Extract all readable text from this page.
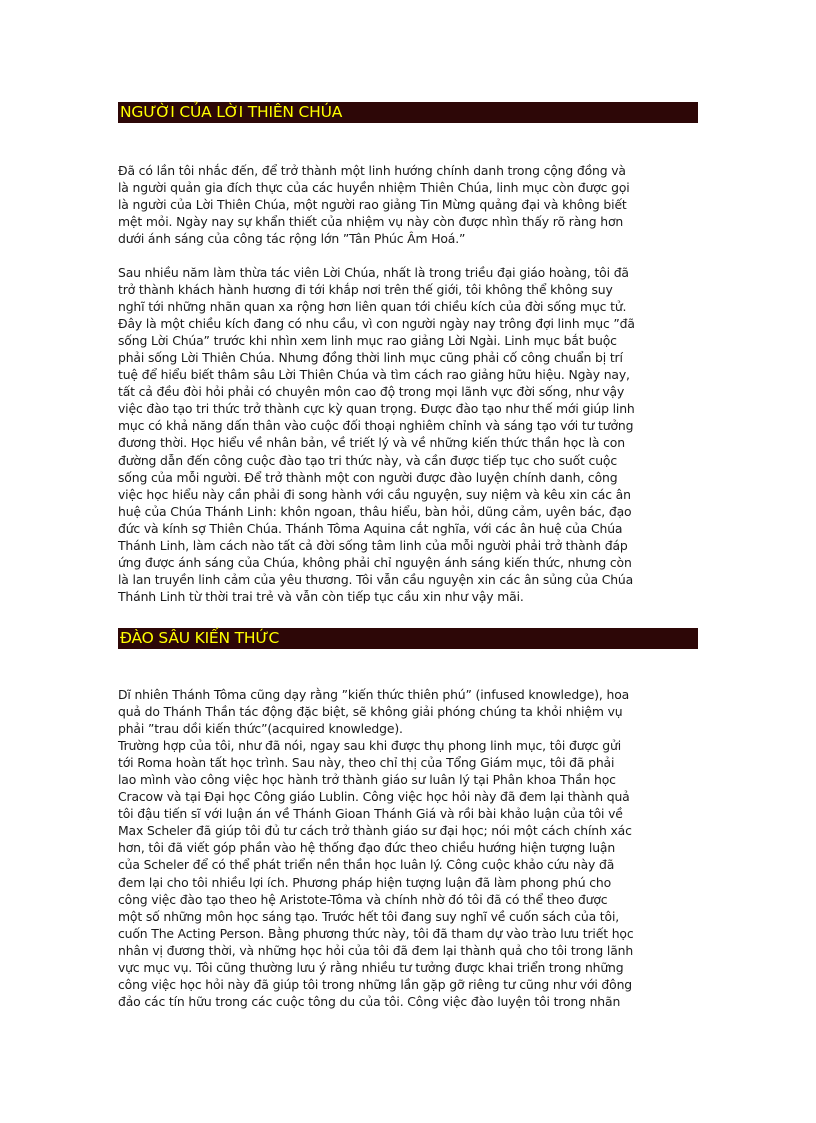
NGƯỜI CỦA LỜI THIÊN CHÚA

Đã có lần tôi nhắc đến, để trở thành một linh hướng chính danh trong cộng đồng và
là người quản gia đích thực của các huyền nhiệm Thiên Chúa, linh mục còn được gọi
là người của Lời Thiên Chúa, một người rao giảng Tin Mừng quảng đại và không biết
mệt mỏi. Ngày nay sự khẩn thiết của nhiệm vụ này còn được nhìn thấy rõ ràng hơn
dưới ánh sáng của công tác rộng lớn ”Tân Phúc Âm Hoá.”

Sau nhiều năm làm thừa tác viên Lời Chúa, nhất là trong triều đại giáo hoàng, tôi đã
trở thành khách hành hương đi tới khắp nơi trên thế giới, tôi không thể không suy
nghĩ tới những nhãn quan xa rộng hơn liên quan tới chiều kích của đời sống mục tử.
Đây là một chiều kích đang có nhu cầu, vì con người ngày nay trông đợi linh mục ”đã
sống Lời Chúa” trước khi nhìn xem linh mục rao giảng Lời Ngài. Linh mục bắt buộc
phải sống Lời Thiên Chúa. Nhưng đồng thời linh mục cũng phải cố công chuẩn bị trí
tuệ để hiểu biết thâm sâu Lời Thiên Chúa và tìm cách rao giảng hữu hiệu. Ngày nay,
tất cả đều đòi hỏi phải có chuyên môn cao độ trong mọi lãnh vực đời sống, như vậy
việc đào tạo tri thức trở thành cực kỳ quan trọng. Được đào tạo như thế mới giúp linh
mục có khả năng dấn thân vào cuộc đối thoại nghiêm chỉnh và sáng tạo với tư tưởng
đương thời. Học hiểu về nhân bản, về triết lý và về những kiến thức thần học là con
đường dẫn đến công cuộc đào tạo tri thức này, và cần được tiếp tục cho suốt cuộc
sống của mỗi người. Để trở thành một con người được đào luyện chính danh, công
việc học hiểu này cần phải đi song hành với cầu nguyện, suy niệm và kêu xin các ân
huệ của Chúa Thánh Linh: khôn ngoan, thâu hiểu, bàn hỏi, dũng cảm, uyên bác, đạo
đức và kính sợ Thiên Chúa. Thánh Tôma Aquina cắt nghĩa, với các ân huệ của Chúa
Thánh Linh, làm cách nào tất cả đời sống tâm linh của mỗi người phải trở thành đáp
ứng được ánh sáng của Chúa, không phải chỉ nguyện ánh sáng kiến thức, nhưng còn
là lan truyền linh cảm của yêu thương. Tôi vẫn cầu nguyện xin các ân sủng của Chúa
Thánh Linh từ thời trai trẻ và vẫn còn tiếp tục cầu xin như vậy mãi.

ĐÀO SÂU KIẾN THỨC

Dĩ nhiên Thánh Tôma cũng dạy rằng ”kiến thức thiên phú” (infused knowledge), hoa
quả do Thánh Thần tác động đặc biệt, sẽ không giải phóng chúng ta khỏi nhiệm vụ
phải ”trau dồi kiến thức”(acquired knowledge).
Trường hợp của tôi, như đã nói, ngay sau khi được thụ phong linh mục, tôi được gửi
tới Roma hoàn tất học trình. Sau này, theo chỉ thị của Tổng Giám mục, tôi đã phải
lao mình vào công việc học hành trở thành giáo sư luân lý tại Phân khoa Thần học
Cracow và tại Đại học Công giáo Lublin. Công việc học hỏi này đã đem lại thành quả
tôi đậu tiến sĩ với luận án về Thánh Gioan Thánh Giá và rồi bài khảo luận của tôi về
Max Scheler đã giúp tôi đủ tư cách trở thành giáo sư đại học; nói một cách chính xác
hơn, tôi đã viết góp phần vào hệ thống đạo đức theo chiều hướng hiện tượng luận
của Scheler để có thể phát triển nền thần học luân lý. Công cuộc khảo cứu này đã
đem lại cho tôi nhiều lợi ích. Phương pháp hiện tượng luận đã làm phong phú cho
công việc đào tạo theo hệ Aristote-Tôma và chính nhờ đó tôi đã có thể theo được
một số những môn học sáng tạo. Trước hết tôi đang suy nghĩ về cuốn sách của tôi,
cuốn The Acting Person. Bằng phương thức này, tôi đã tham dự vào trào lưu triết học
nhân vị đương thời, và những học hỏi của tôi đã đem lại thành quả cho tôi trong lãnh
vực mục vụ. Tôi cũng thường lưu ý rằng nhiều tư tưởng được khai triển trong những
công việc học hỏi này đã giúp tôi trong những lần gặp gỡ riêng tư cũng như với đông
đảo các tín hữu trong các cuộc tông du của tôi. Công việc đào luyện tôi trong nhãn
